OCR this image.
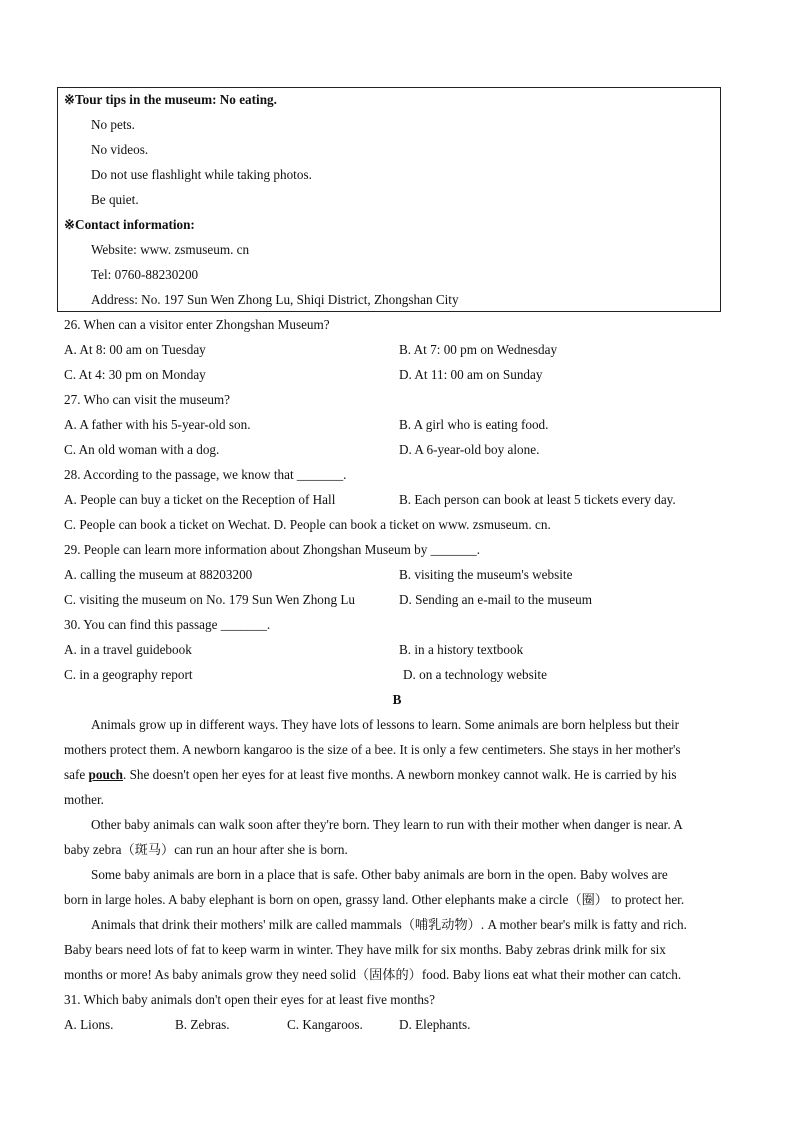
※Tour tips in the museum: No eating.
No pets.
No videos.
Do not use flashlight while taking photos.
Be quiet.
※Contact information:
Website: www. zsmuseum. cn
Tel: 0760-88230200
Address: No. 197 Sun Wen Zhong Lu, Shiqi District, Zhongshan City
26. When can a visitor enter Zhongshan Museum?
A. At 8: 00 am on Tuesday	B. At 7: 00 pm on Wednesday
C. At 4: 30 pm on Monday	D. At 11: 00 am on Sunday
27. Who can visit the museum?
A. A father with his 5-year-old son.	B. A girl who is eating food.
C. An old woman with a dog.	D. A 6-year-old boy alone.
28. According to the passage, we know that _______.
A. People can buy a ticket on the Reception of Hall	B. Each person can book at least 5 tickets every day.
C. People can book a ticket on Wechat. D. People can book a ticket on www. zsmuseum. cn.
29. People can learn more information about Zhongshan Museum by _______.
A. calling the museum at 88203200	B. visiting the museum's website
C. visiting the museum on No. 179 Sun Wen Zhong Lu	D. Sending an e-mail to the museum
30. You can find this passage _______.
A. in a travel guidebook	B. in a history textbook
C. in a geography report	D. on a technology website
B
Animals grow up in different ways. They have lots of lessons to learn. Some animals are born helpless but their
mothers protect them. A newborn kangaroo is the size of a bee. It is only a few centimeters. She stays in her mother's
safe pouch. She doesn't open her eyes for at least five months. A newborn monkey cannot walk. He is carried by his
mother.
Other baby animals can walk soon after they're born. They learn to run with their mother when danger is near. A
baby zebra（斑马）can run an hour after she is born.
Some baby animals are born in a place that is safe. Other baby animals are born in the open. Baby wolves are
born in large holes. A baby elephant is born on open, grassy land. Other elephants make a circle（圈） to protect her.
Animals that drink their mothers' milk are called mammals（哺乳动物）. A mother bear's milk is fatty and rich.
Baby bears need lots of fat to keep warm in winter. They have milk for six months. Baby zebras drink milk for six
months or more! As baby animals grow they need solid（固体的）food. Baby lions eat what their mother can catch.
31. Which baby animals don't open their eyes for at least five months?
A. Lions.	B. Zebras.	C. Kangaroos.	D. Elephants.
